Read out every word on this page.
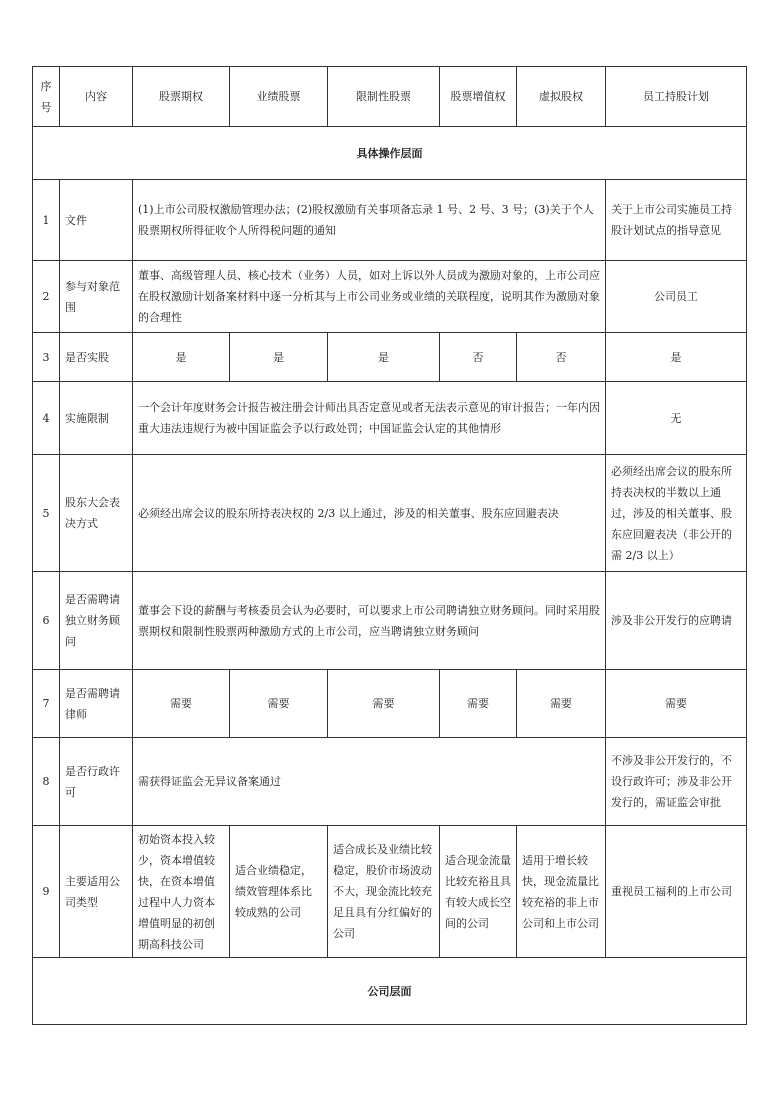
序号	内容	股票期权	业绩股票	限制性股票	股票增值权	虚拟股权	员工持股计划
具体操作层面							
1	文件	(1)上市公司股权激励管理办法；(2)股权激励有关事项备忘录 1 号、2 号、3 号；(3)关于个人股票期权所得征收个人所得税问题的通知					关于上市公司实施员工持股计划试点的指导意见
2	参与对象范围	董事、高级管理人员、核心技术（业务）人员，如对上诉以外人员成为激励对象的，上市公司应在股权激励计划备案材料中逐一分析其与上市公司业务或业绩的关联程度，说明其作为激励对象的合理性					公司员工
3	是否实股	是	是	是	否	否	是
4	实施限制	一个会计年度财务会计报告被注册会计师出具否定意见或者无法表示意见的审计报告；一年内因重大违法违规行为被中国证监会予以行政处罚；中国证监会认定的其他情形					无
5	股东大会表决方式	必须经出席会议的股东所持表决权的 2/3 以上通过，涉及的相关董事、股东应回避表决					必须经出席会议的股东所持表决权的半数以上通过，涉及的相关董事、股东应回避表决（非公开的需 2/3 以上）
6	是否需聘请独立财务顾问	董事会下设的薪酬与考核委员会认为必要时，可以要求上市公司聘请独立财务顾问。同时采用股票期权和限制性股票两种激励方式的上市公司，应当聘请独立财务顾问					涉及非公开发行的应聘请
7	是否需聘请律师	需要	需要	需要	需要	需要	需要
8	是否行政许可	需获得证监会无异议备案通过					不涉及非公开发行的，不设行政许可；涉及非公开发行的，需证监会审批
9	主要适用公司类型	初始资本投入较少，资本增值较快，在资本增值过程中人力资本增值明显的初创期高科技公司	适合业绩稳定，绩效管理体系比较成熟的公司	适合成长及业绩比较稳定，股价市场波动不大，现金流比较充足且具有分红偏好的公司	适合现金流量比较充裕且具有较大成长空间的公司	适用于增长较快，现金流量比较充裕的非上市公司和上市公司	重视员工福利的上市公司
公司层面							
